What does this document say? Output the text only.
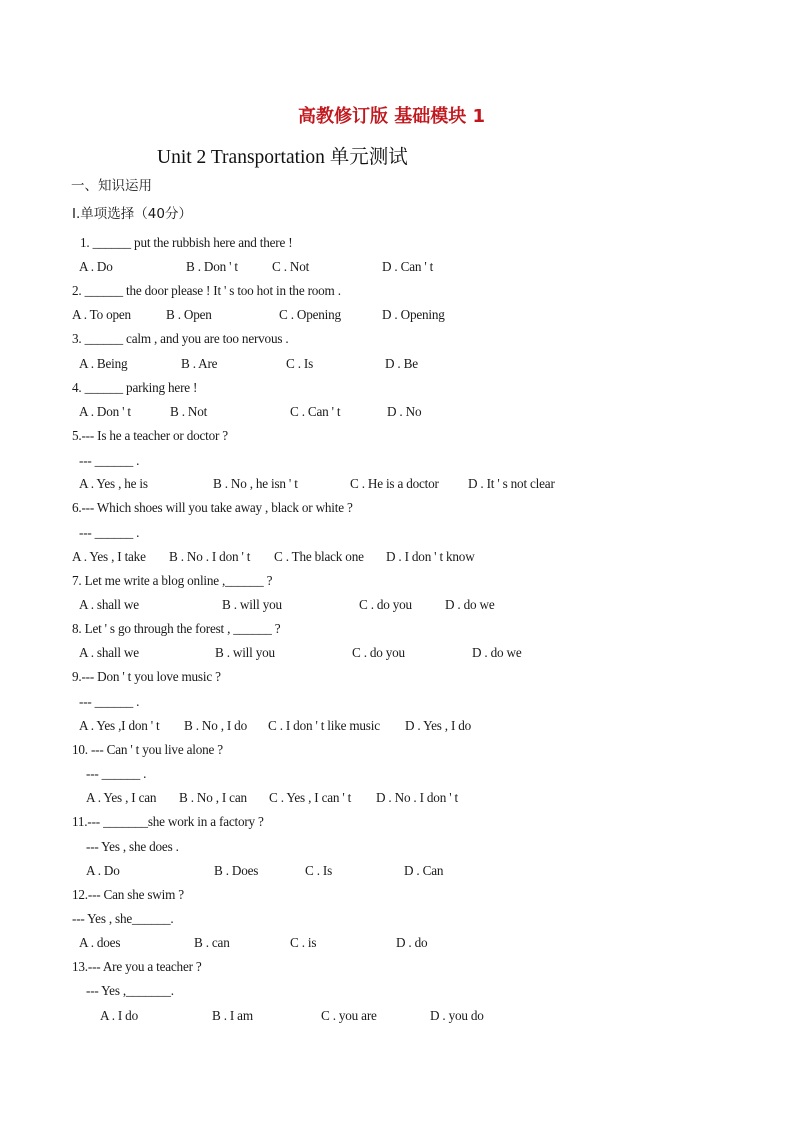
高教修订版 基础模块 1
Unit 2 Transportation 单元测试
一、知识运用
I.单项选择（40分）
1. ______ put the rubbish here and there !
A . Do	B . Don ' t	C . Not	D . Can ' t
2. ______ the door please ! It ' s too hot in the room .
A . To open	B . Open	C . Opening	D . Opening
3. ______ calm , and you are too nervous .
A . Being	B . Are	C . Is	D . Be
4. ______ parking here !
A . Don ' t	B . Not	C . Can ' t	D . No
5.--- Is he a teacher or doctor ?
--- ______ .
A . Yes , he is	B . No , he isn ' t	C . He is a doctor D . It ' s not clear
6.--- Which shoes will you take away , black or white ?
--- ______ .
A . Yes , I take B . No . I don ' t C . The black one D . I don ' t know
7. Let me write a blog online ,______ ?
A . shall we	B . will you	C . do you	D . do we
8. Let ' s go through the forest , ______ ?
A . shall we	B . will you	C . do you	D . do we
9.--- Don ' t you love music ?
--- ______ .
A . Yes ,I don ' t B . No , I do C . I don ' t like music D . Yes , I do
10. --- Can ' t you live alone ?
--- ______ .
A . Yes , I can B . No , I can C . Yes , I can ' t D . No . I don ' t
11.--- _______she work in a factory ?
--- Yes , she does .
A . Do	B . Does	C . Is	D . Can
12.--- Can she swim ?
--- Yes , she______.
A . does	B . can	C . is	D . do
13.--- Are you a teacher ?
--- Yes ,_______.
A . I do	B . I am	C . you are	D . you do
